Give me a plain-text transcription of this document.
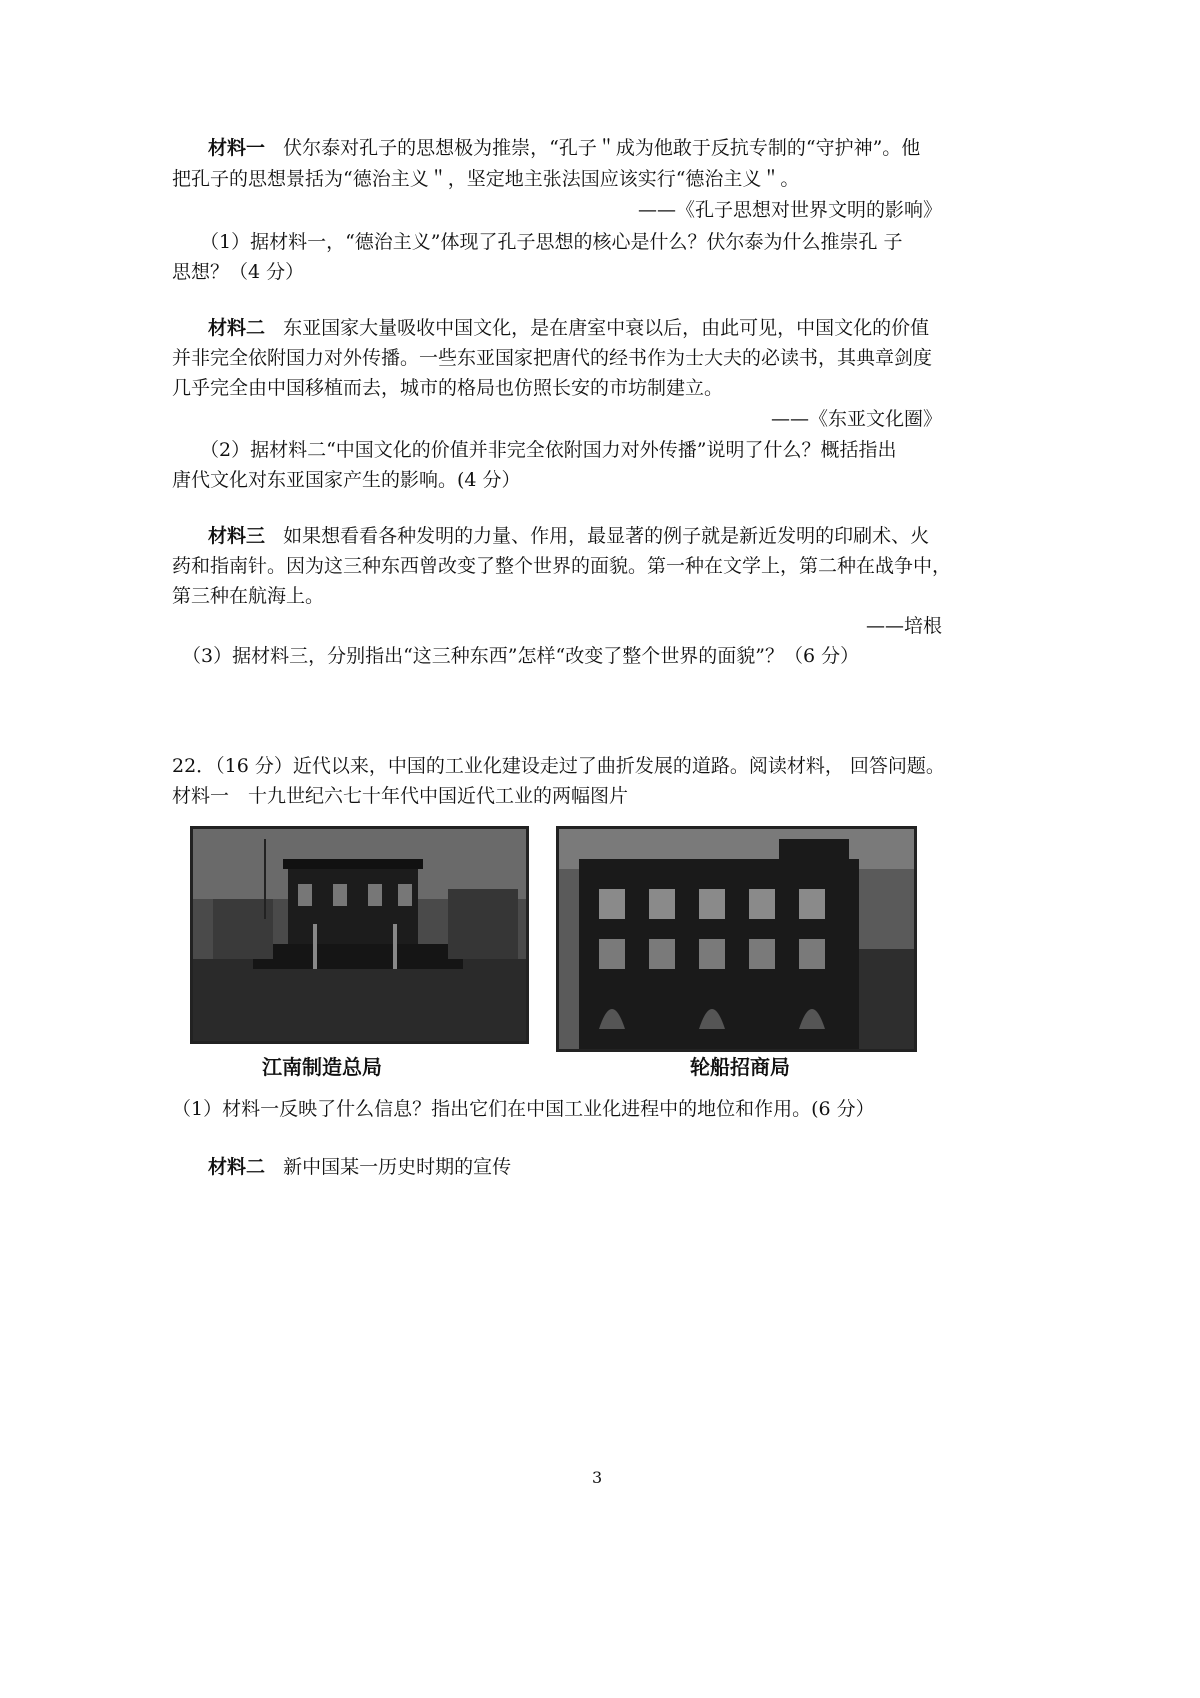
材料一 伏尔泰对孔子的思想极为推崇，“孔子＂成为他敢于反抗专制的“守护神”。他
把孔子的思想景括为“德治主义＂，坚定地主张法国应该实行“德治主义＂。
——《孔子思想对世界文明的影响》
（1）据材料一，“德治主义”体现了孔子思想的核心是什么？伏尔泰为什么推崇孔 子
思想？（4 分）
材料二 东亚国家大量吸收中国文化，是在唐室中衰以后，由此可见，中国文化的价值
并非完全依附国力对外传播。一些东亚国家把唐代的经书作为士大夫的必读书，其典章剑度
几乎完全由中国移植而去，城市的格局也仿照长安的市坊制建立。
——《东亚文化圈》
（2）据材料二“中国文化的价值并非完全依附国力对外传播”说明了什么？概括指出
唐代文化对东亚国家产生的影响。(4 分）
材料三 如果想看看各种发明的力量、作用，最显著的例子就是新近发明的印刷术、火
药和指南针。因为这三种东西曾改变了整个世界的面貌。第一种在文学上，第二种在战争中，
第三种在航海上。
——培根
（3）据材料三，分别指出“这三种东西”怎样“改变了整个世界的面貌”？（6 分）
22．（16 分）近代以来，中国的工业化建设走过了曲折发展的道路。阅读材料， 回答问题。
材料一　十九世纪六七十年代中国近代工业的两幅图片
江南制造总局	轮船招商局
（1）材料一反映了什么信息？指出它们在中国工业化进程中的地位和作用。(6 分）
材料二 新中国某一历史时期的宣传
3
